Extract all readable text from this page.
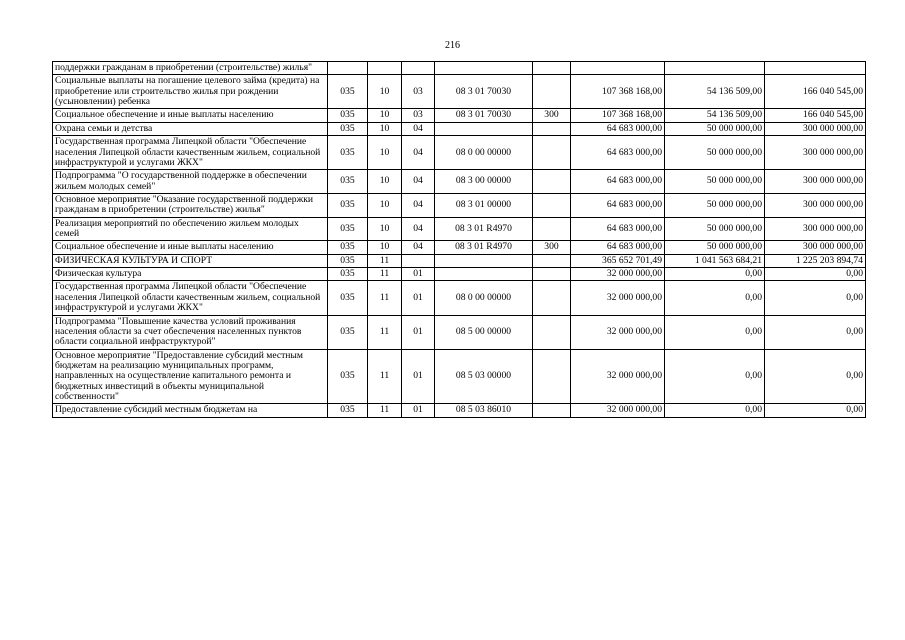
216
поддержки гражданам в приобретении (строительстве) жилья"								
Социальные выплаты на погашение целевого займа (кредита) на приобретение или строительство жилья при рождении (усыновлении) ребенка	035	10	03	08 3 01 70030		107 368 168,00	54 136 509,00	166 040 545,00
Социальное обеспечение и иные выплаты населению	035	10	03	08 3 01 70030	300	107 368 168,00	54 136 509,00	166 040 545,00
Охрана семьи и детства	035	10	04			64 683 000,00	50 000 000,00	300 000 000,00
Государственная программа Липецкой области "Обеспечение населения Липецкой области качественным жильем, социальной инфраструктурой и услугами ЖКХ"	035	10	04	08 0 00 00000		64 683 000,00	50 000 000,00	300 000 000,00
Подпрограмма "О государственной поддержке в обеспечении жильем молодых семей"	035	10	04	08 3 00 00000		64 683 000,00	50 000 000,00	300 000 000,00
Основное мероприятие "Оказание государственной поддержки гражданам в приобретении (строительстве) жилья"	035	10	04	08 3 01 00000		64 683 000,00	50 000 000,00	300 000 000,00
Реализация мероприятий по обеспечению жильем молодых семей	035	10	04	08 3 01 R4970		64 683 000,00	50 000 000,00	300 000 000,00
Социальное обеспечение и иные выплаты населению	035	10	04	08 3 01 R4970	300	64 683 000,00	50 000 000,00	300 000 000,00
ФИЗИЧЕСКАЯ КУЛЬТУРА И СПОРТ	035	11				365 652 701,49	1 041 563 684,21	1 225 203 894,74
Физическая культура	035	11	01			32 000 000,00	0,00	0,00
Государственная программа Липецкой области "Обеспечение населения Липецкой области качественным жильем, социальной инфраструктурой и услугами ЖКХ"	035	11	01	08 0 00 00000		32 000 000,00	0,00	0,00
Подпрограмма "Повышение качества условий проживания населения области за счет обеспечения населенных пунктов области социальной инфраструктурой"	035	11	01	08 5 00 00000		32 000 000,00	0,00	0,00
Основное мероприятие "Предоставление субсидий местным бюджетам на реализацию муниципальных программ, направленных на осуществление капитального ремонта и бюджетных инвестиций в объекты муниципальной собственности"	035	11	01	08 5 03 00000		32 000 000,00	0,00	0,00
Предоставление субсидий местным бюджетам на	035	11	01	08 5 03 86010		32 000 000,00	0,00	0,00
